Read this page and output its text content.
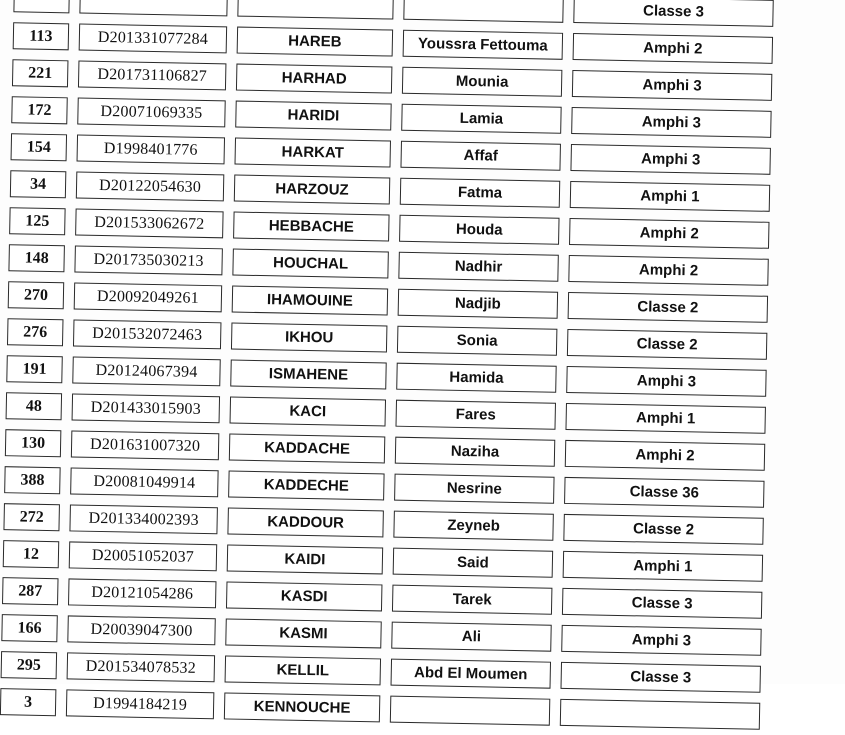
Classe 3
113	D201331077284	HAREB	Youssra Fettouma	Amphi 2
221	D201731106827	HARHAD	Mounia	Amphi 3
172	D20071069335	HARIDI	Lamia	Amphi 3
154	D1998401776	HARKAT	Affaf	Amphi 3
34	D20122054630	HARZOUZ	Fatma	Amphi 1
125	D201533062672	HEBBACHE	Houda	Amphi 2
148	D201735030213	HOUCHAL	Nadhir	Amphi 2
270	D20092049261	IHAMOUINE	Nadjib	Classe 2
276	D201532072463	IKHOU	Sonia	Classe 2
191	D20124067394	ISMAHENE	Hamida	Amphi 3
48	D201433015903	KACI	Fares	Amphi 1
130	D201631007320	KADDACHE	Naziha	Amphi 2
388	D20081049914	KADDECHE	Nesrine	Classe 36
272	D201334002393	KADDOUR	Zeyneb	Classe 2
12	D20051052037	KAIDI	Said	Amphi 1
287	D20121054286	KASDI	Tarek	Classe 3
166	D20039047300	KASMI	Ali	Amphi 3
295	D201534078532	KELLIL	Abd El Moumen	Classe 3
3	D1994184219	KENNOUCHE
